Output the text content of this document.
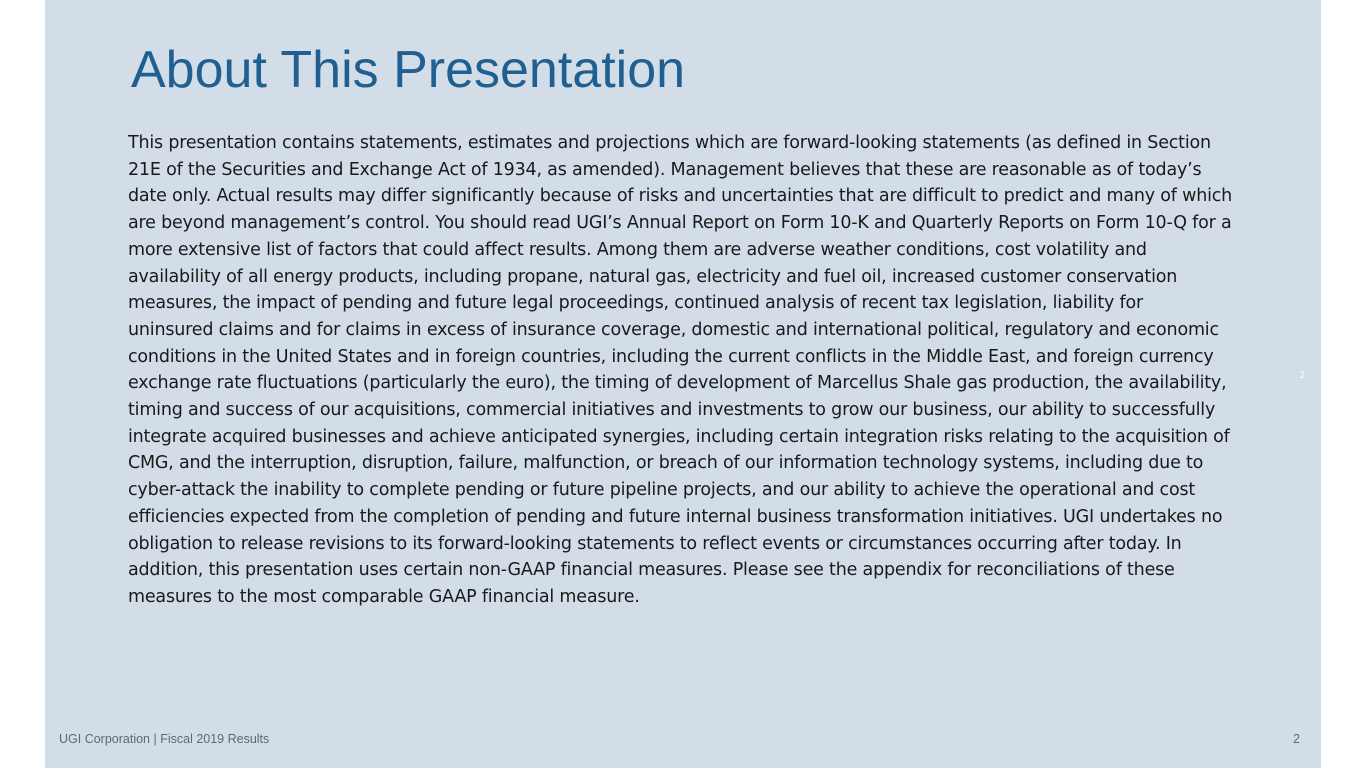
About This Presentation

This presentation contains statements, estimates and projections which are forward-looking statements (as defined in Section 21E of the Securities and Exchange Act of 1934, as amended). Management believes that these are reasonable as of today’s date only. Actual results may differ significantly because of risks and uncertainties that are difficult to predict and many of which are beyond management’s control. You should read UGI’s Annual Report on Form 10-K and Quarterly Reports on Form 10-Q for a more extensive list of factors that could affect results. Among them are adverse weather conditions, cost volatility and availability of all energy products, including propane, natural gas, electricity and fuel oil, increased customer conservation measures, the impact of pending and future legal proceedings, continued analysis of recent tax legislation, liability for uninsured claims and for claims in excess of insurance coverage, domestic and international political, regulatory and economic conditions in the United States and in foreign countries, including the current conflicts in the Middle East, and foreign currency exchange rate fluctuations (particularly the euro), the timing of development of Marcellus Shale gas production, the availability, timing and success of our acquisitions, commercial initiatives and investments to grow our business, our ability to successfully integrate acquired businesses and achieve anticipated synergies, including certain integration risks relating to the acquisition of CMG, and the interruption, disruption, failure, malfunction, or breach of our information technology systems, including due to cyber-attack the inability to complete pending or future pipeline projects, and our ability to achieve the operational and cost efficiencies expected from the completion of pending and future internal business transformation initiatives. UGI undertakes no obligation to release revisions to its forward-looking statements to reflect events or circumstances occurring after today. In addition, this presentation uses certain non-GAAP financial measures. Please see the appendix for reconciliations of these measures to the most comparable GAAP financial measure.

2
UGI Corporation | Fiscal 2019 Results	2
